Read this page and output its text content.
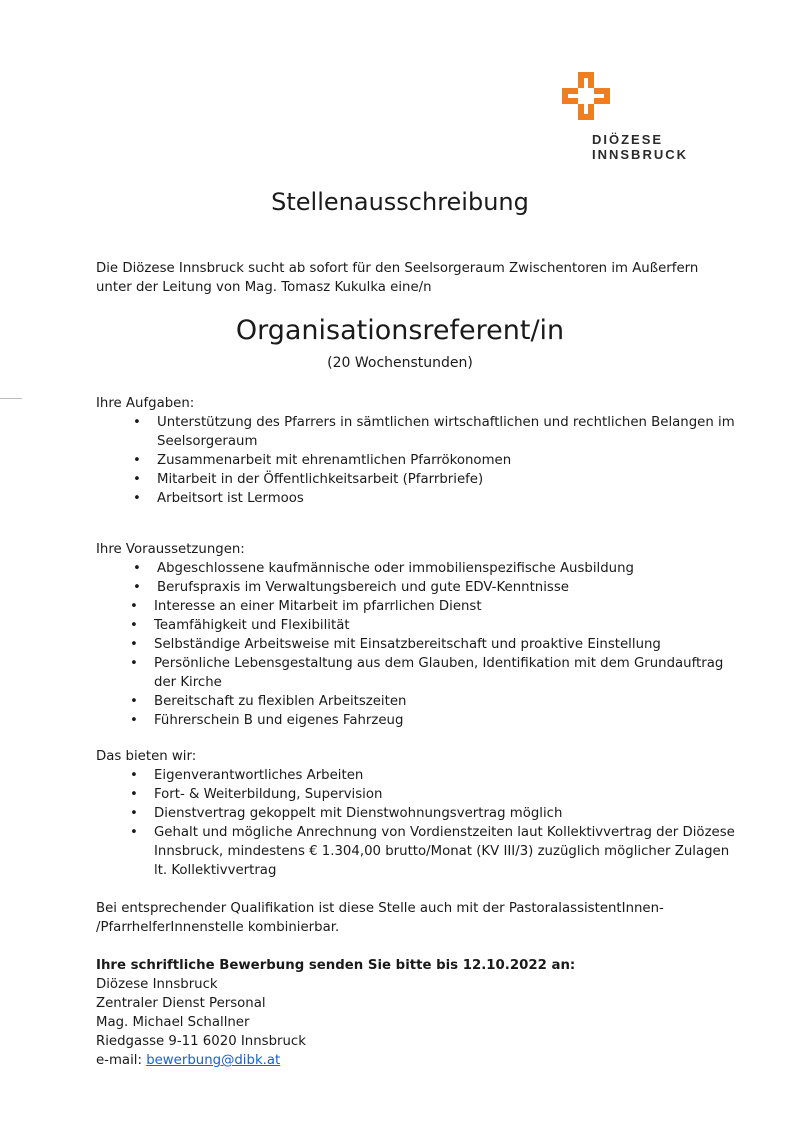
DIÖZESE
INNSBRUCK
Stellenausschreibung
Die Diözese Innsbruck sucht ab sofort für den Seelsorgeraum Zwischentoren im Außerfern
unter der Leitung von Mag. Tomasz Kukulka eine/n
Organisationsreferent/in
(20 Wochenstunden)
Ihre Aufgaben:
• Unterstützung des Pfarrers in sämtlichen wirtschaftlichen und rechtlichen Belangen im Seelsorgeraum
• Zusammenarbeit mit ehrenamtlichen Pfarrökonomen
• Mitarbeit in der Öffentlichkeitsarbeit (Pfarrbriefe)
• Arbeitsort ist Lermoos
Ihre Voraussetzungen:
• Abgeschlossene kaufmännische oder immobilienspezifische Ausbildung
• Berufspraxis im Verwaltungsbereich und gute EDV-Kenntnisse
• Interesse an einer Mitarbeit im pfarrlichen Dienst
• Teamfähigkeit und Flexibilität
• Selbständige Arbeitsweise mit Einsatzbereitschaft und proaktive Einstellung
• Persönliche Lebensgestaltung aus dem Glauben, Identifikation mit dem Grundauftrag der Kirche
• Bereitschaft zu flexiblen Arbeitszeiten
• Führerschein B und eigenes Fahrzeug
Das bieten wir:
• Eigenverantwortliches Arbeiten
• Fort- & Weiterbildung, Supervision
• Dienstvertrag gekoppelt mit Dienstwohnungsvertrag möglich
• Gehalt und mögliche Anrechnung von Vordienstzeiten laut Kollektivvertrag der Diözese Innsbruck, mindestens € 1.304,00 brutto/Monat (KV III/3) zuzüglich möglicher Zulagen lt. Kollektivvertrag
Bei entsprechender Qualifikation ist diese Stelle auch mit der PastoralassistentInnen-
/PfarrhelferInnenstelle kombinierbar.
Ihre schriftliche Bewerbung senden Sie bitte bis 12.10.2022 an:
Diözese Innsbruck
Zentraler Dienst Personal
Mag. Michael Schallner
Riedgasse 9-11 6020 Innsbruck
e-mail: bewerbung@dibk.at
